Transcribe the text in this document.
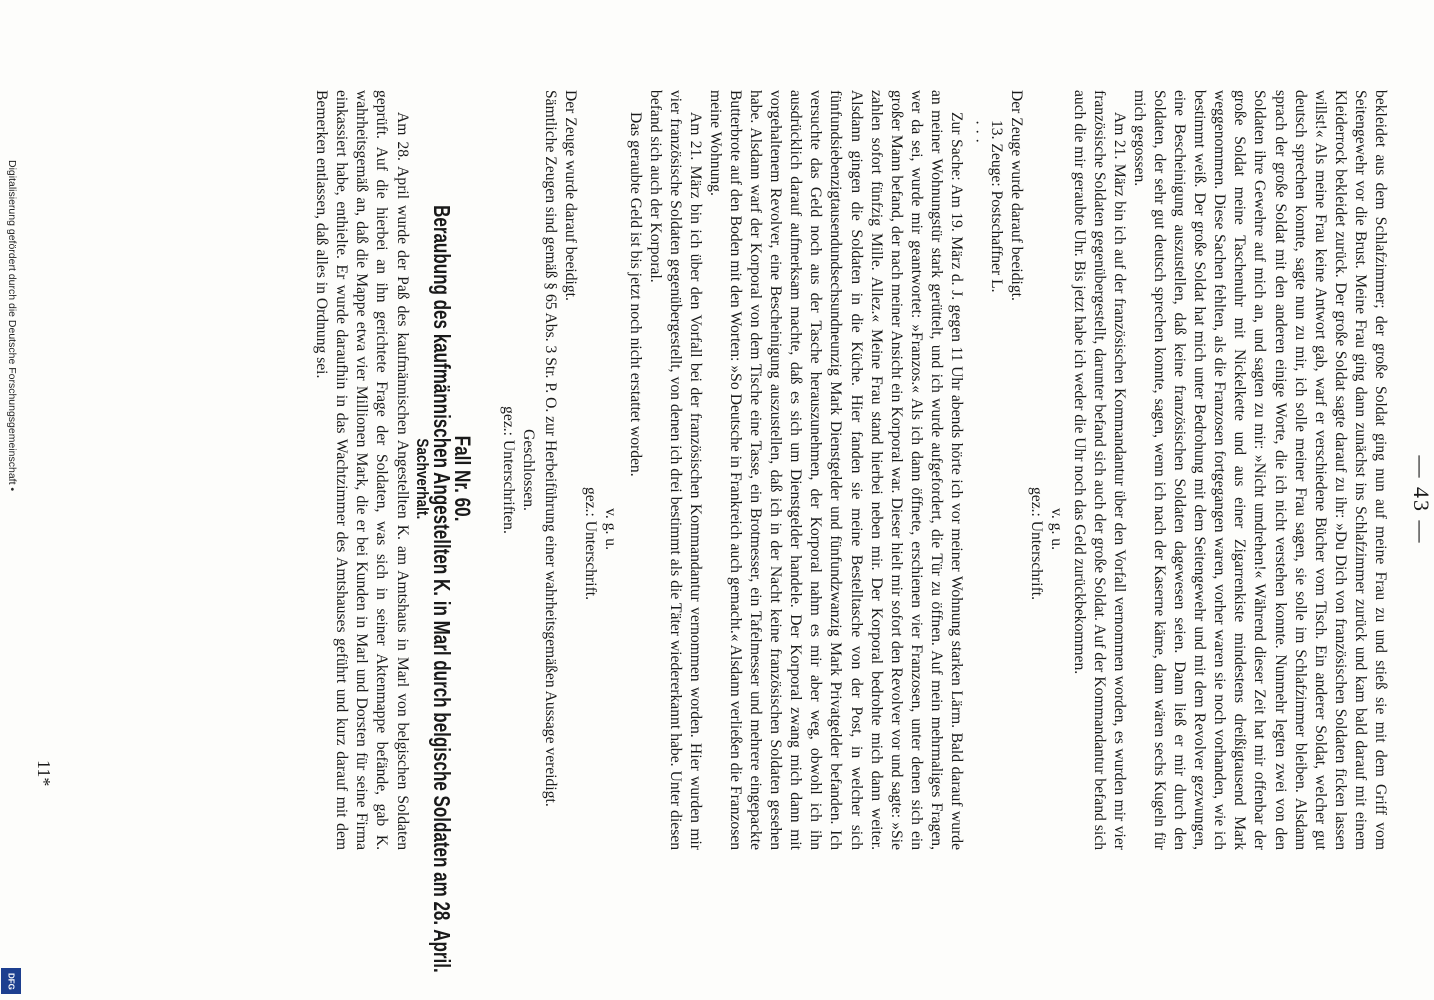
— 43 —

bekleidet aus dem Schlafzimmer; der große Soldat ging nun auf meine Frau zu und stieß sie mit dem Griff vom Seitengewehr vor die Brust. Meine Frau ging dann zunächst ins Schlafzimmer zurück und kam bald darauf mit einem Kleiderrock bekleidet zurück. Der große Soldat sagte darauf zu ihr: »Du Dich von französischen Soldaten ficken lassen willst!« Als meine Frau keine Antwort gab, warf er verschiedene Bücher vom Tisch. Ein anderer Soldat, welcher gut deutsch sprechen konnte, sagte nun zu mir, ich solle meiner Frau sagen, sie solle im Schlafzimmer bleiben. Alsdann sprach der große Soldat mit den anderen einige Worte, die ich nicht verstehen konnte. Nunmehr legten zwei von den Soldaten ihre Gewehre auf mich an, und sagten zu mir: »Nicht umdrehen!« Während dieser Zeit hat mir offenbar der große Soldat meine Taschenuhr mit Nickelkette und aus einer Zigarrenkiste mindestens dreißigtausend Mark weggenommen. Diese Sachen fehlten, als die Franzosen fortgegangen waren, vorher waren sie noch vorhanden, wie ich bestimmt weiß. Der große Soldat hat mich unter Bedrohung mit dem Seitengewehr und mit dem Revolver gezwungen, eine Bescheinigung auszustellen, daß keine französischen Soldaten dagewesen seien. Dann ließ er mir durch den Soldaten, der sehr gut deutsch sprechen konnte, sagen, wenn ich nach der Kaserne käme, dann wären sechs Kugeln für mich gegossen.

Am 21. März bin ich auf der französischen Kommandantur über den Vorfall vernommen worden, es wurden mir vier französische Soldaten gegenübergestellt, darunter befand sich auch der große Soldat. Auf der Kommandantur befand sich auch die mir geraubte Uhr. Bis jetzt habe ich weder die Uhr noch das Geld zurückbekommen.

v. g. u.

gez.: Unterschrift.

Der Zeuge wurde darauf beeidigt.

13. Zeuge: Postschaffner L.

· · ·

Zur Sache: Am 19. März d. J. gegen 11 Uhr abends hörte ich vor meiner Wohnung starken Lärm. Bald darauf wurde an meiner Wohnungstür stark gerüttelt, und ich wurde aufgefordert, die Tür zu öffnen. Auf mein mehrmaliges Fragen, wer da sei, wurde mir geantwortet: »Franzos.« Als ich dann öffnete, erschienen vier Franzosen, unter denen sich ein großer Mann befand, der nach meiner Ansicht ein Korporal war. Dieser hielt mir sofort den Revolver vor und sagte: »Sie zahlen sofort fünfzig Mille. Allez.« Meine Frau stand hierbei neben mir. Der Korporal bedrohte mich dann weiter. Alsdann gingen die Soldaten in die Küche. Hier fanden sie meine Bestelltasche von der Post, in welcher sich fünfundsiebenzigtausendundsechsundneunzig Mark Dienstgelder und fünfundzwanzig Mark Privatgelder befanden. Ich versuchte das Geld noch aus der Tasche herauszunehmen, der Korporal nahm es mir aber weg, obwohl ich ihn ausdrücklich darauf aufmerksam machte, daß es sich um Dienstgelder handele. Der Korporal zwang mich dann mit vorgehaltenem Revolver, eine Bescheinigung auszustellen, daß ich in der Nacht keine französischen Soldaten gesehen habe. Alsdann warf der Korporal von dem Tische eine Tasse, ein Brotmesser, ein Tafelmesser und mehrere eingepackte Butterbrote auf den Boden mit den Worten: »So Deutsche in Frankreich auch gemacht.« Alsdann verließen die Franzosen meine Wohnung.

Am 21. März bin ich über den Vorfall bei der französischen Kommandantur vernommen worden. Hier wurden mir vier französische Soldaten gegenübergestellt, von denen ich drei bestimmt als die Täter wiedererkannt habe. Unter diesen befand sich auch der Korporal.

Das geraubte Geld ist bis jetzt noch nicht erstattet worden.

v. g. u.

gez.: Unterschrift.

Der Zeuge wurde darauf beeidigt.

Sämtliche Zeugen sind gemäß § 65 Abs. 3 Str. P. O. zur Herbeiführung einer wahrheitsgemäßen Aussage vereidigt.

Geschlossen.

gez.: Unterschriften.

Fall Nr. 60.

Beraubung des kaufmännischen Angestellten K. in Marl durch belgische Soldaten am 28. April.

Sachverhalt.

Am 28. April wurde der Paß des kaufmännischen Angestellten K. am Amtshaus in Marl von belgischen Soldaten geprüft. Auf die hierbei an ihn gerichtete Frage der Soldaten, was sich in seiner Aktenmappe befände, gab K. wahrheitsgemäß an, daß die Mappe etwa vier Millionen Mark, die er bei Kunden in Marl und Dorsten für seine Firma einkassiert habe, enthielte. Er wurde daraufhin in das Wachtzimmer des Amtshauses geführt und kurz darauf mit dem Bemerken entlassen, daß alles in Ordnung sei.

11*
Digitalisierung gefördert durch die Deutsche Forschungsgemeinschaft •
DFG
